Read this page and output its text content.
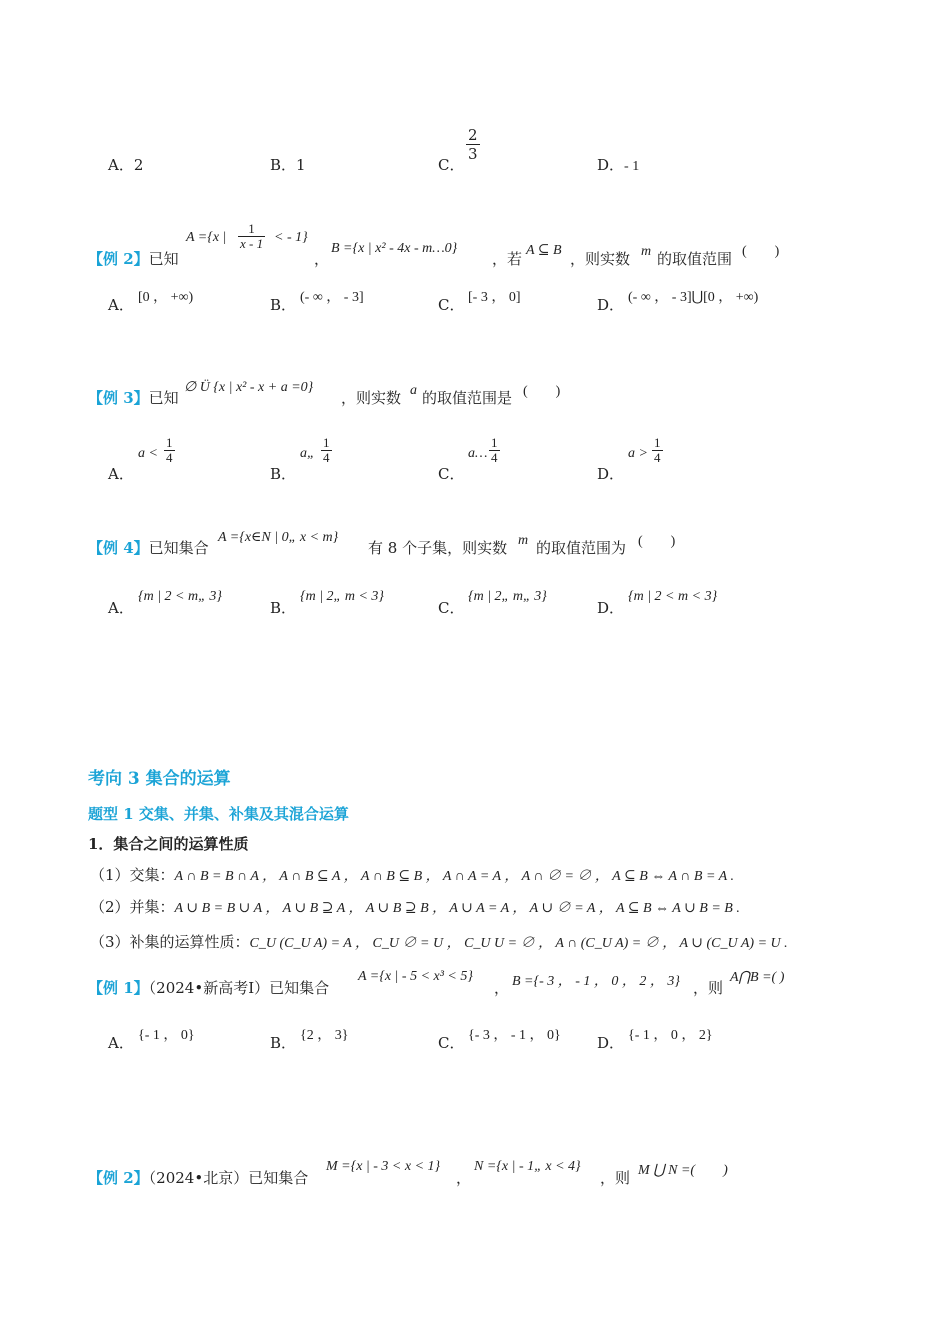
A．2	B．1	C．
$\frac{2}{3}$
D．- 1
【例 2】已知
A ={x | $\frac{1}{x - 1}$ < - 1}
，
B ={x | x² - 4x - m…0}
，若 A ⊆ B ，则实数 m 的取值范围 (　　)
A． [0 ， +∞)	B． (- ∞ ， - 3]	C． [- 3 ， 0]	D． (- ∞ ， - 3]⋃[0 ， +∞)
【例 3】已知
∅ Ü {x | x² - x + a =0}
，则实数 a 的取值范围是 (　　)
A．
$a < \frac{1}{4}$
B．
a„ $\frac{1}{4}$
C．
a… $\frac{1}{4}$
D．
$a > \frac{1}{4}$
【例 4】已知集合
A ={x∈N | 0„ x < m}
有 8 个子集，则实数 m 的取值范围为 (　　)
A．
{m | 2 < m„ 3}
B．
{m | 2„ m < 3}
C．
{m | 2„ m„ 3}
D．
{m | 2 < m < 3}
考向 3 集合的运算
题型 1 交集、并集、补集及其混合运算
1．集合之间的运算性质
（1）交集：A ∩ B = B ∩ A ， A ∩ B ⊆ A ， A ∩ B ⊆ B ， A ∩ A = A ， A ∩ ∅ = ∅ ， A ⊆ B ⇔ A ∩ B = A .
（2）并集：A ∪ B = B ∪ A ， A ∪ B ⊇ A ， A ∪ B ⊇ B ， A ∪ A = A ， A ∪ ∅ = A ， A ⊆ B ⇔ A ∪ B = B .
（3）补集的运算性质：C_U (C_U A) = A ， C_U ∅ = U ， C_U U = ∅ ， A ∩ (C_U A) = ∅ ， A ∪ (C_U A) = U .
【例 1】（2024•新高考Ⅰ）已知集合
A ={x | - 5 < x³ < 5}
， B ={- 3 ， - 1 ， 0 ， 2 ， 3} ，则
A⋂B =( )
A． {- 1 ， 0}	B． {2 ， 3}	C． {- 3 ， - 1 ， 0} D． {- 1 ， 0 ， 2}
【例 2】（2024•北京）已知集合
M ={x | - 3 < x < 1}
，
N ={x | - 1„ x < 4}
，则 M ⋃ N =(　　)
